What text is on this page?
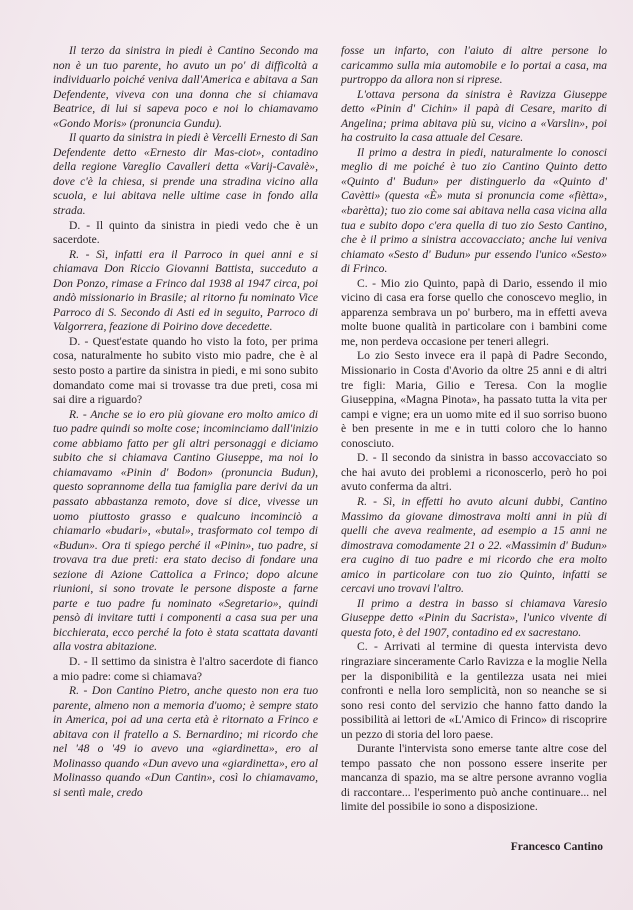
Il terzo da sinistra in piedi è Cantino Secondo ma non è un tuo parente, ho avuto un po' di difficoltà a individuarlo poiché veniva dall'America e abitava a San Defendente, viveva con una donna che si chiamava Beatrice, di lui si sapeva poco e noi lo chiamavamo «Gondo Moris» (pronuncia Gundu).

Il quarto da sinistra in piedi è Vercelli Ernesto di San Defendente detto «Ernesto dir Mas-ciot», contadino della regione Vareglio Cavalleri detta «Varij-Cavalè», dove c'è la chiesa, si prende una stradina vicino alla scuola, e lui abitava nelle ultime case in fondo alla strada.

D. - Il quinto da sinistra in piedi vedo che è un sacerdote.

R. - Sì, infatti era il Parroco in quei anni e si chiamava Don Riccio Giovanni Battista, succeduto a Don Ponzo, rimase a Frinco dal 1938 al 1947 circa, poi andò missionario in Brasile; al ritorno fu nominato Vice Parroco di S. Secondo di Asti ed in seguito, Parroco di Valgorrera, feazione di Poirino dove decedette.

D. - Quest'estate quando ho visto la foto, per prima cosa, naturalmente ho subito visto mio padre, che è al sesto posto a partire da sinistra in piedi, e mi sono subito domandato come mai si trovasse tra due preti, cosa mi sai dire a riguardo?

R. - Anche se io ero più giovane ero molto amico di tuo padre quindi so molte cose; incominciamo dall'inizio come abbiamo fatto per gli altri personaggi e diciamo subito che si chiamava Cantino Giuseppe, ma noi lo chiamavamo «Pinin d' Bodon» (pronuncia Budun), questo soprannome della tua famiglia pare derivi da un passato abbastanza remoto, dove si dice, vivesse un uomo piuttosto grasso e qualcuno incominciò a chiamarlo «budari», «butal», trasformato col tempo di «Budun». Ora ti spiego perché il «Pinin», tuo padre, si trovava tra due preti: era stato deciso di fondare una sezione di Azione Cattolica a Frinco; dopo alcune riunioni, si sono trovate le persone disposte a farne parte e tuo padre fu nominato «Segretario», quindi pensò di invitare tutti i componenti a casa sua per una bicchierata, ecco perché la foto è stata scattata davanti alla vostra abitazione.

D. - Il settimo da sinistra è l'altro sacerdote di fianco a mio padre: come si chiamava?

R. - Don Cantino Pietro, anche questo non era tuo parente, almeno non a memoria d'uomo; è sempre stato in America, poi ad una certa età è ritornato a Frinco e abitava con il fratello a S. Bernardino; mi ricordo che nel '48 o '49 io avevo una «giardinetta», ero al Molinasso quando «Dun avevo una «giardinetta», ero al Molinasso quando «Dun Cantin», così lo chiamavamo, si sentì male, credo

fosse un infarto, con l'aiuto di altre persone lo caricammo sulla mia automobile e lo portai a casa, ma purtroppo da allora non si riprese.

L'ottava persona da sinistra è Ravizza Giuseppe detto «Pinin d' Cichin» il papà di Cesare, marito di Angelina; prima abitava più su, vicino a «Varslin», poi ha costruito la casa attuale del Cesare.

Il primo a destra in piedi, naturalmente lo conosci meglio di me poiché è tuo zio Cantino Quinto detto «Quinto d' Budun» per distinguerlo da «Quinto d' Cavètti» (questa «È» muta si pronuncia come «fiètta», «barètta); tuo zio come sai abitava nella casa vicina alla tua e subito dopo c'era quella di tuo zio Sesto Cantino, che è il primo a sinistra accovacciato; anche lui veniva chiamato «Sesto d' Budun» pur essendo l'unico «Sesto» di Frinco.

C. - Mio zio Quinto, papà di Dario, essendo il mio vicino di casa era forse quello che conoscevo meglio, in apparenza sembrava un po' burbero, ma in effetti aveva molte buone qualità in particolare con i bambini come me, non perdeva occasione per teneri allegri.

Lo zio Sesto invece era il papà di Padre Secondo, Missionario in Costa d'Avorio da oltre 25 anni e di altri tre figli: Maria, Gilio e Teresa. Con la moglie Giuseppina, «Magna Pinota», ha passato tutta la vita per campi e vigne; era un uomo mite ed il suo sorriso buono è ben presente in me e in tutti coloro che lo hanno conosciuto.

D. - Il secondo da sinistra in basso accovacciato so che hai avuto dei problemi a riconoscerlo, però ho poi avuto conferma da altri.

R. - Sì, in effetti ho avuto alcuni dubbi, Cantino Massimo da giovane dimostrava molti anni in più di quelli che aveva realmente, ad esempio a 15 anni ne dimostrava comodamente 21 o 22. «Massimin d' Budun» era cugino di tuo padre e mi ricordo che era molto amico in particolare con tuo zio Quinto, infatti se cercavi uno trovavi l'altro.

Il primo a destra in basso si chiamava Varesio Giuseppe detto «Pinin du Sacrista», l'unico vivente di questa foto, è del 1907, contadino ed ex sacrestano.

C. - Arrivati al termine di questa intervista devo ringraziare sinceramente Carlo Ravizza e la moglie Nella per la disponibilità e la gentilezza usata nei miei confronti e nella loro semplicità, non so neanche se si sono resi conto del servizio che hanno fatto dando la possibilità ai lettori de «L'Amico di Frinco» di riscoprire un pezzo di storia del loro paese.

Durante l'intervista sono emerse tante altre cose del tempo passato che non possono essere inserite per mancanza di spazio, ma se altre persone avranno voglia di raccontare... l'esperimento può anche continuare... nel limite del possibile io sono a disposizione.

Francesco Cantino
